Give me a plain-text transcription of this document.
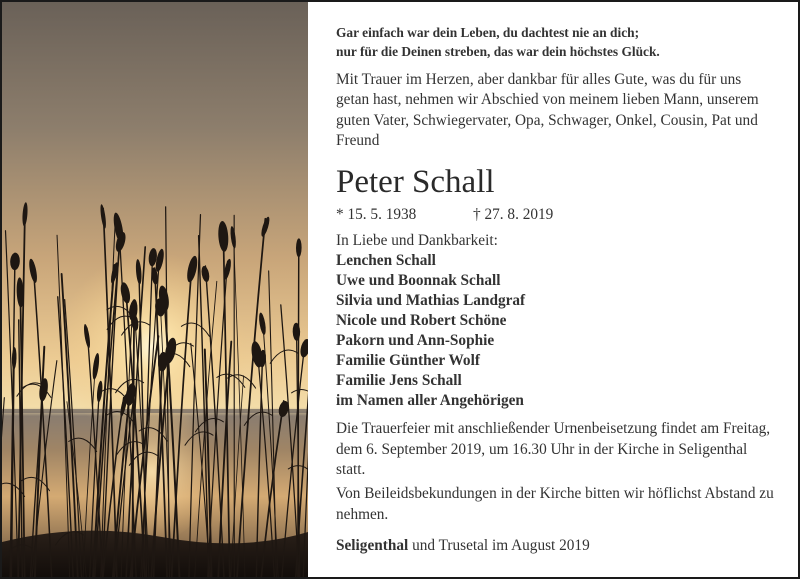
Gar einfach war dein Leben, du dachtest nie an dich;
nur für die Deinen streben, das war dein höchstes Glück.
Mit Trauer im Herzen, aber dankbar für alles Gute, was du für uns getan hast, nehmen wir Abschied von meinem lieben Mann, unserem guten Vater, Schwiegervater, Opa, Schwager, Onkel, Cousin, Pat und Freund
Peter Schall
* 15. 5. 1938	† 27. 8. 2019
In Liebe und Dankbarkeit:
Lenchen Schall
Uwe und Boonnak Schall
Silvia und Mathias Landgraf
Nicole und Robert Schöne
Pakorn und Ann-Sophie
Familie Günther Wolf
Familie Jens Schall
im Namen aller Angehörigen
Die Trauerfeier mit anschließender Urnenbeisetzung findet am Freitag, dem 6. September 2019, um 16.30 Uhr in der Kirche in Seligenthal statt.
Von Beileidsbekundungen in der Kirche bitten wir höflichst Abstand zu nehmen.
Seligenthal und Trusetal im August 2019
